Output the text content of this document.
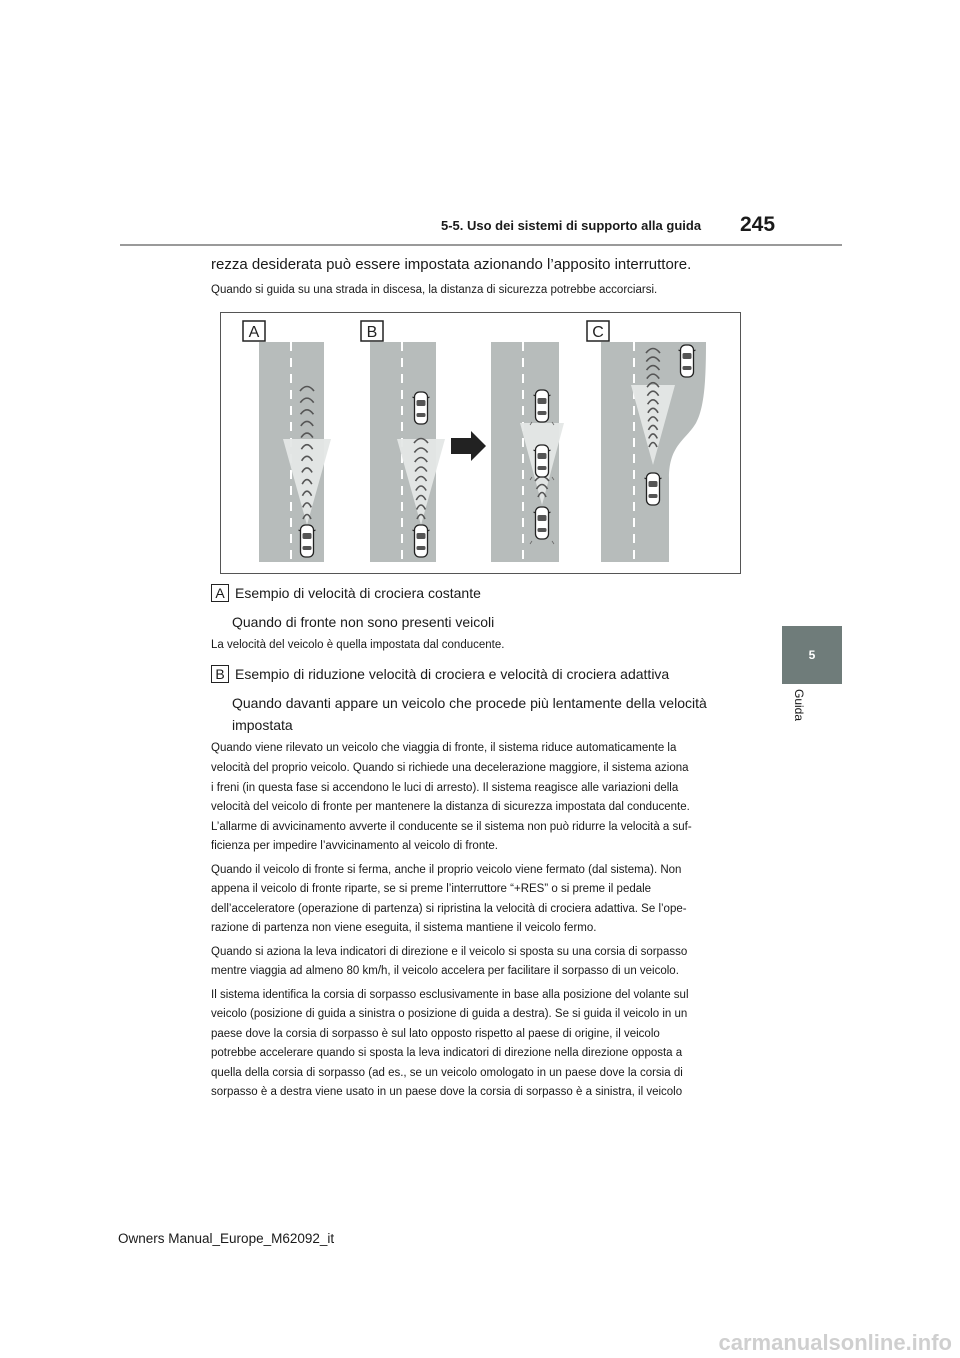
5-5. Uso dei sistemi di supporto alla guida 245
5
Guida
rezza desiderata può essere impostata azionando l’apposito interruttore.
Quando si guida su una strada in discesa, la distanza di sicurezza potrebbe accorciarsi.
A	B	C
A Esempio di velocità di crociera costante
Quando di fronte non sono presenti veicoli
La velocità del veicolo è quella impostata dal conducente.
B Esempio di riduzione velocità di crociera e velocità di crociera adattiva
Quando davanti appare un veicolo che procede più lentamente della velocità
impostata
Quando viene rilevato un veicolo che viaggia di fronte, il sistema riduce automaticamente la
velocità del proprio veicolo. Quando si richiede una decelerazione maggiore, il sistema aziona
i freni (in questa fase si accendono le luci di arresto). Il sistema reagisce alle variazioni della
velocità del veicolo di fronte per mantenere la distanza di sicurezza impostata dal conducente.
L’allarme di avvicinamento avverte il conducente se il sistema non può ridurre la velocità a suf-
ficienza per impedire l’avvicinamento al veicolo di fronte.
Quando il veicolo di fronte si ferma, anche il proprio veicolo viene fermato (dal sistema). Non
appena il veicolo di fronte riparte, se si preme l’interruttore “+RES” o si preme il pedale
dell’acceleratore (operazione di partenza) si ripristina la velocità di crociera adattiva. Se l’ope-
razione di partenza non viene eseguita, il sistema mantiene il veicolo fermo.
Quando si aziona la leva indicatori di direzione e il veicolo si sposta su una corsia di sorpasso
mentre viaggia ad almeno 80 km/h, il veicolo accelera per facilitare il sorpasso di un veicolo.
Il sistema identifica la corsia di sorpasso esclusivamente in base alla posizione del volante sul
veicolo (posizione di guida a sinistra o posizione di guida a destra). Se si guida il veicolo in un
paese dove la corsia di sorpasso è sul lato opposto rispetto al paese di origine, il veicolo
potrebbe accelerare quando si sposta la leva indicatori di direzione nella direzione opposta a
quella della corsia di sorpasso (ad es., se un veicolo omologato in un paese dove la corsia di
sorpasso è a destra viene usato in un paese dove la corsia di sorpasso è a sinistra, il veicolo
Owners Manual_Europe_M62092_it
carmanualsonline.info
